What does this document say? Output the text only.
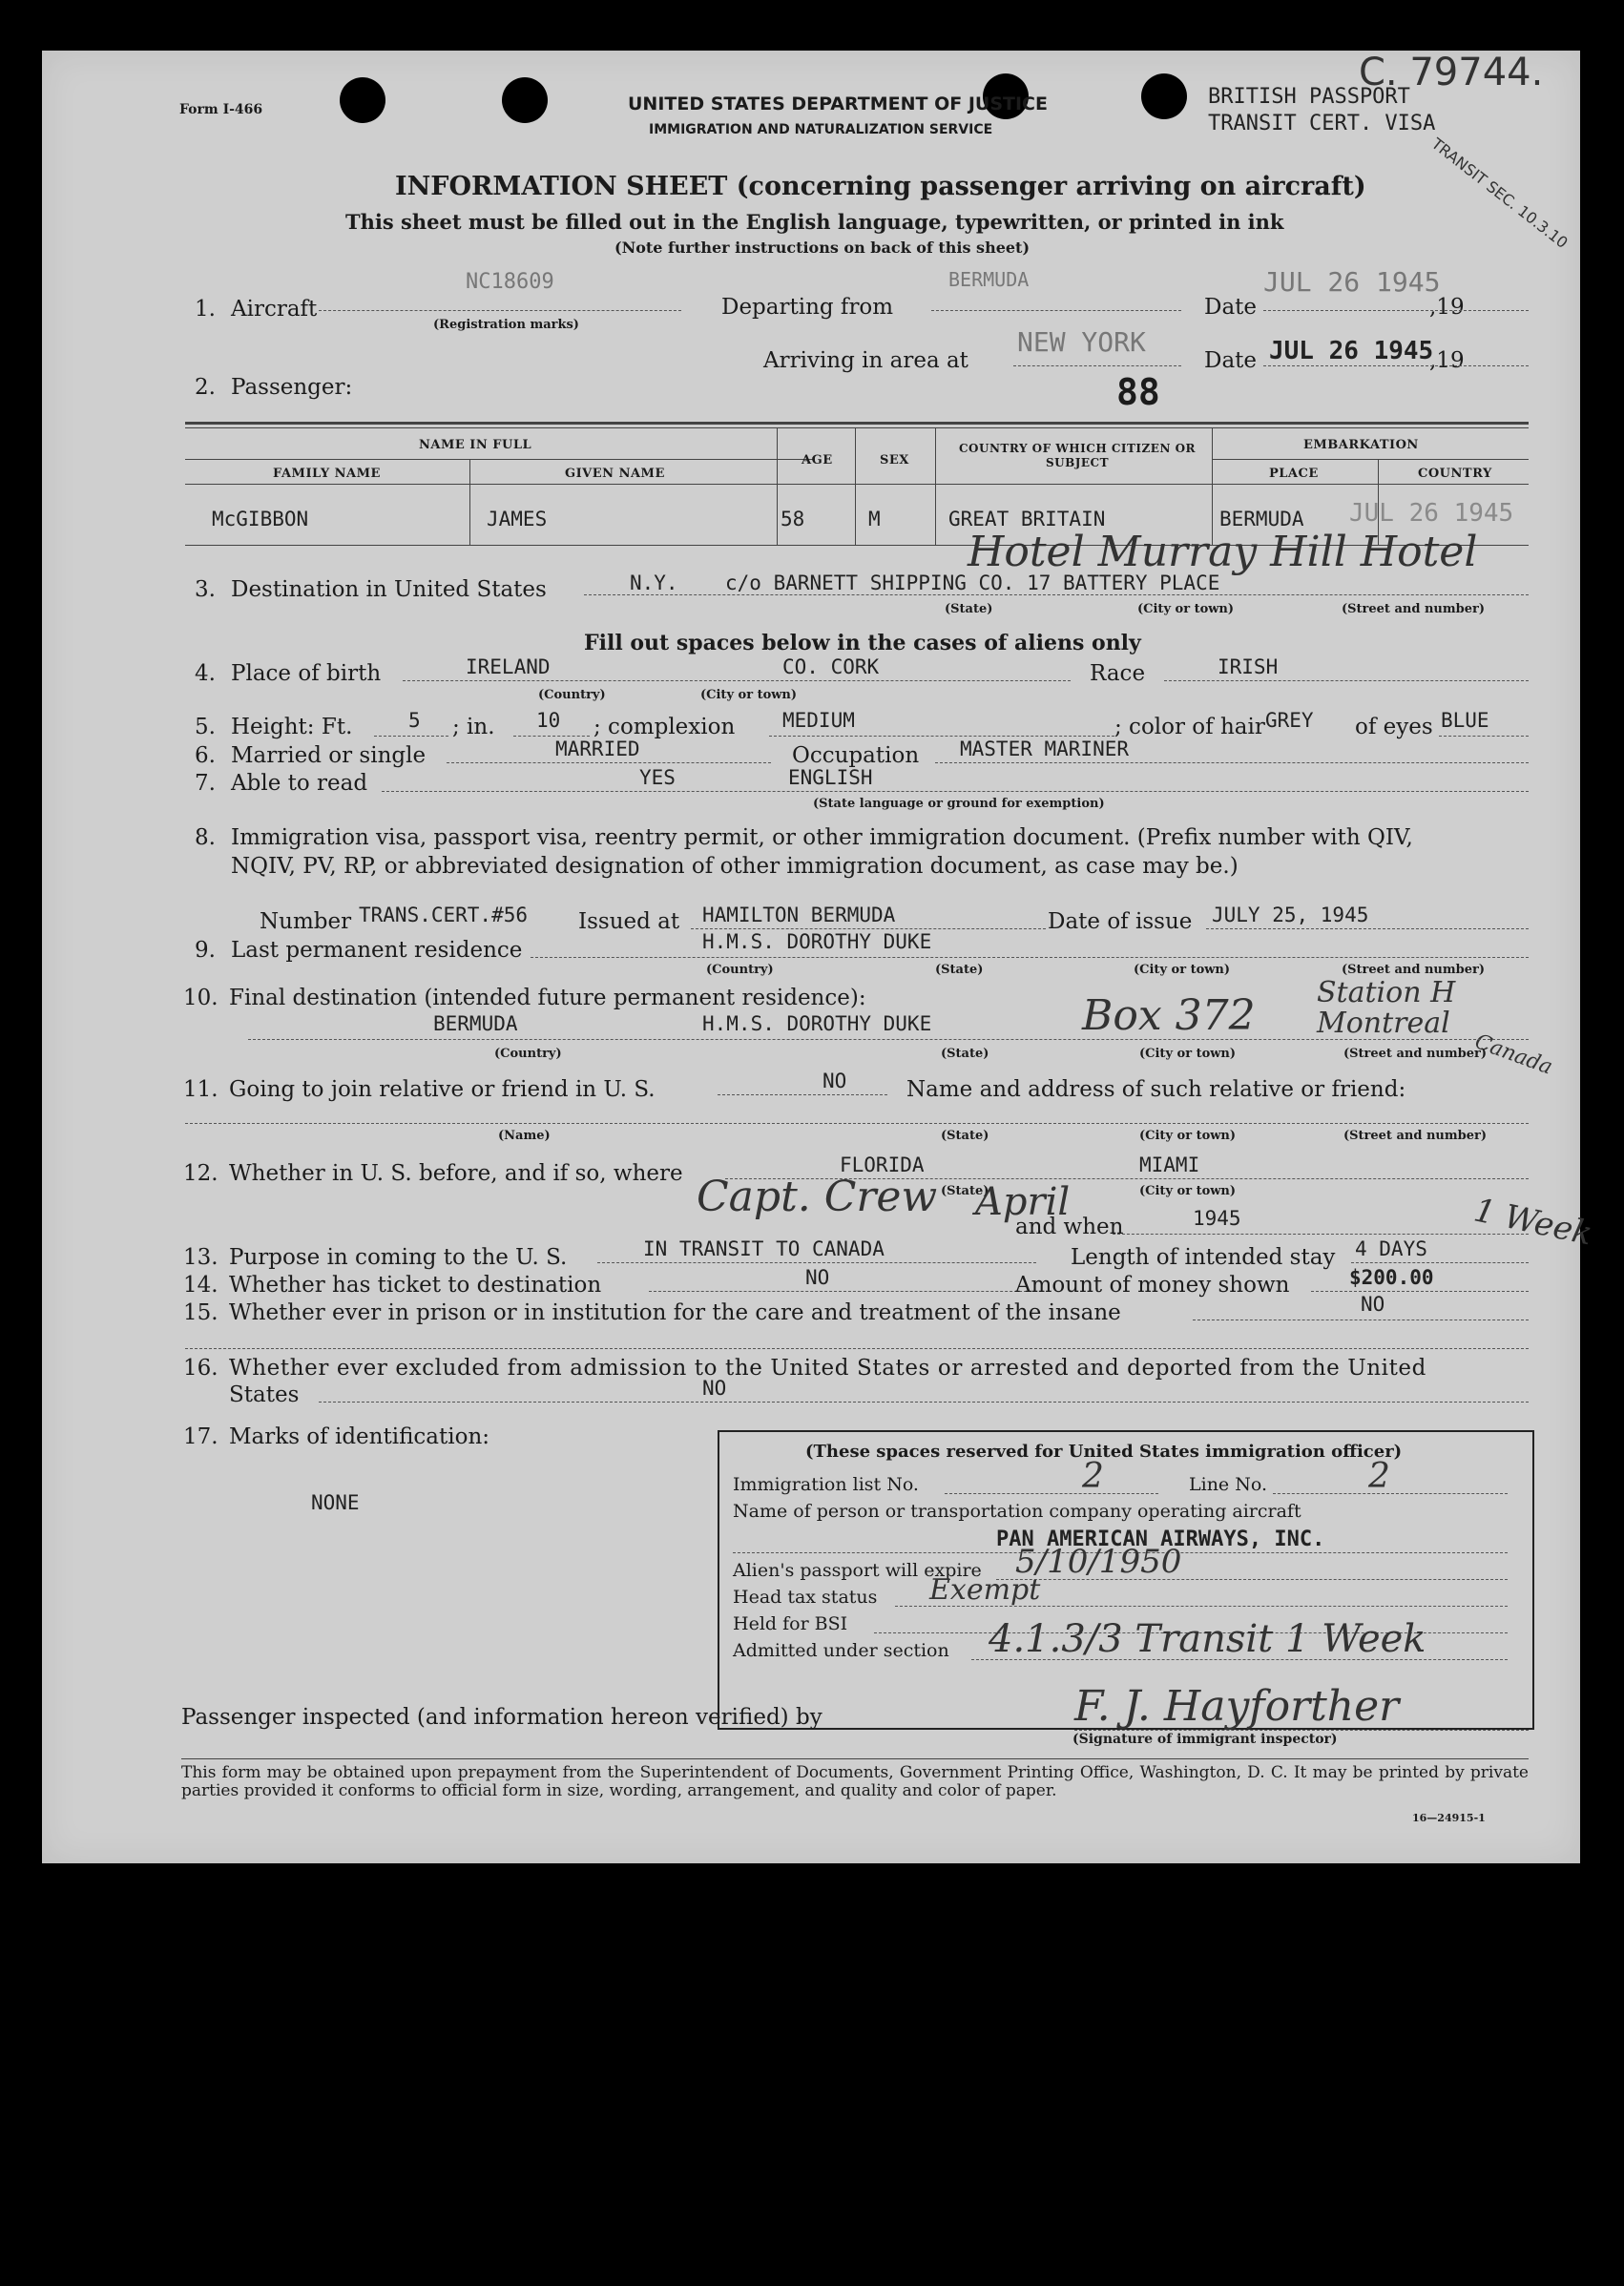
Form I-466	UNITED STATES DEPARTMENT OF JUSTICE
IMMIGRATION AND NATURALIZATION SERVICE
BRITISH PASSPORT
TRANSIT CERT. VISA
C. 79744.
TRANSIT SEC. 10.3.10
INFORMATION SHEET (concerning passenger arriving on aircraft)
This sheet must be filled out in the English language, typewritten, or printed in ink
(Note further instructions on back of this sheet)
1. Aircraft
NC18609
(Registration marks)
Departing from
BERMUDA
Date
JUL 26 1945
,19
Arriving in area at
NEW YORK
Date JUL 26 1945
,19
2. Passenger:	88
NAME IN FULL
FAMILY NAME	GIVEN NAME
AGE	SEX
COUNTRY OF WHICH CITIZEN OR SUBJECT
EMBARKATION
PLACE	COUNTRY
McGIBBON	JAMES	58	M	GREAT BRITAIN	BERMUDA JUL 26 1945
3. Destination in United States	N.Y. c/o BARNETT SHIPPING CO. 17 BATTERY PLACE
Hotel Murray Hill Hotel
(State)	(City or town)	(Street and number)
Fill out spaces below in the cases of aliens only
4. Place of birth	IRELAND	CO. CORK
(Country)	(City or town)
Race	IRISH
5. Height: Ft.	5 ; in. 10 ; complexion MEDIUM	; color of hair GREY of eyes BLUE
6. Married or single	MARRIED	Occupation MASTER MARINER
7. Able to read	YES	ENGLISH
(State language or ground for exemption)
8. Immigration visa, passport visa, reentry permit, or other immigration document. (Prefix number with QIV,
NQIV, PV, RP, or abbreviated designation of other immigration document, as case may be.)
Number TRANS.CERT.#56 Issued at HAMILTON BERMUDA	Date of issue JULY 25, 1945
9. Last permanent residence	H.M.S. DOROTHY DUKE
(Country)	(State)	(City or town)	(Street and number)
10. Final destination (intended future permanent residence):
BERMUDA	H.M.S. DOROTHY DUKE	Box 372 Station H Montreal
Canada
(Country)	(State)	(City or town)	(Street and number)
11. Going to join relative or friend in U. S.	NO	Name and address of such relative or friend:
(Name)	(State)	(City or town)	(Street and number)
12. Whether in U. S. before, and if so, where	FLORIDA	MIAMI
(State)	(City or town)
Capt. Crew April
and when	1945
13. Purpose in coming to the U. S.	IN TRANSIT TO CANADA	Length of intended stay 4 DAYS 1 Week
14. Whether has ticket to destination	NO	Amount of money shown	$200.00
15. Whether ever in prison or in institution for the care and treatment of the insane	NO
16. Whether ever excluded from admission to the United States or arrested and deported from the United
States	NO
17. Marks of identification:
NONE
(These spaces reserved for United States immigration officer)
Immigration list No.	2	Line No.	2
Name of person or transportation company operating aircraft
PAN AMERICAN AIRWAYS, INC.
Alien's passport will expire 5/10/1950
Head tax status Exempt
Held for BSI
Admitted under section 4.1.3/3 Transit 1 Week
Passenger inspected (and information hereon verified) by	F. J. Hayforther
(Signature of immigrant inspector)
This form may be obtained upon prepayment from the Superintendent of Documents, Government Printing Office, Washington, D. C. It may be printed by private parties provided it conforms to official form in size, wording, arrangement, and quality and color of paper.
16—24915-1
